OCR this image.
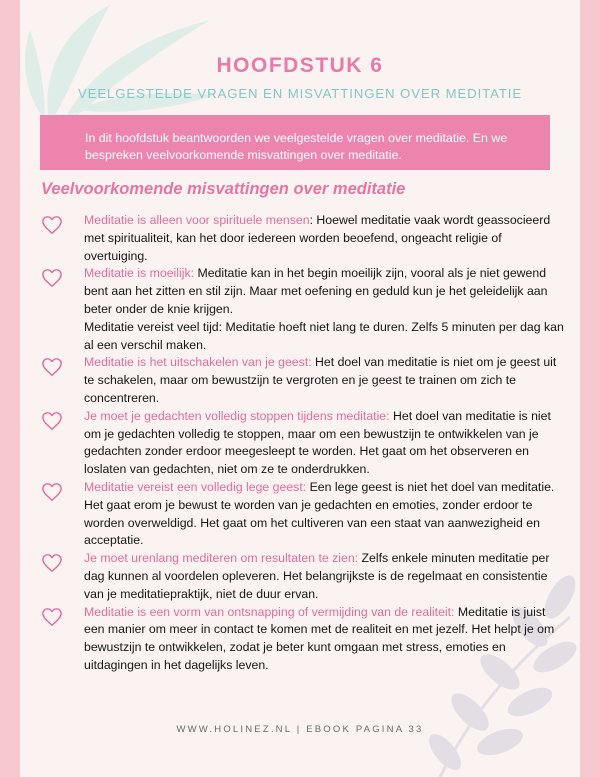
HOOFDSTUK 6
VEELGESTELDE VRAGEN EN MISVATTINGEN OVER MEDITATIE
In dit hoofdstuk beantwoorden we veelgestelde vragen over meditatie. En we bespreken veelvoorkomende misvattingen over meditatie.
Veelvoorkomende misvattingen over meditatie
Meditatie is alleen voor spirituele mensen: Hoewel meditatie vaak wordt geassocieerd met spiritualiteit, kan het door iedereen worden beoefend, ongeacht religie of overtuiging.
Meditatie is moeilijk: Meditatie kan in het begin moeilijk zijn, vooral als je niet gewend bent aan het zitten en stil zijn. Maar met oefening en geduld kun je het geleidelijk aan beter onder de knie krijgen.
Meditatie vereist veel tijd: Meditatie hoeft niet lang te duren. Zelfs 5 minuten per dag kan al een verschil maken.
Meditatie is het uitschakelen van je geest: Het doel van meditatie is niet om je geest uit te schakelen, maar om bewustzijn te vergroten en je geest te trainen om zich te concentreren.
Je moet je gedachten volledig stoppen tijdens meditatie: Het doel van meditatie is niet om je gedachten volledig te stoppen, maar om een bewustzijn te ontwikkelen van je gedachten zonder erdoor meegesleept te worden. Het gaat om het observeren en loslaten van gedachten, niet om ze te onderdrukken.
Meditatie vereist een volledig lege geest: Een lege geest is niet het doel van meditatie. Het gaat erom je bewust te worden van je gedachten en emoties, zonder erdoor te worden overweldigd. Het gaat om het cultiveren van een staat van aanwezigheid en acceptatie.
Je moet urenlang mediteren om resultaten te zien: Zelfs enkele minuten meditatie per dag kunnen al voordelen opleveren. Het belangrijkste is de regelmaat en consistentie van je meditatiepraktijk, niet de duur ervan.
Meditatie is een vorm van ontsnapping of vermijding van de realiteit: Meditatie is juist een manier om meer in contact te komen met de realiteit en met jezelf. Het helpt je om bewustzijn te ontwikkelen, zodat je beter kunt omgaan met stress, emoties en uitdagingen in het dagelijks leven.
WWW.HOLINEZ.NL | EBOOK PAGINA 33
